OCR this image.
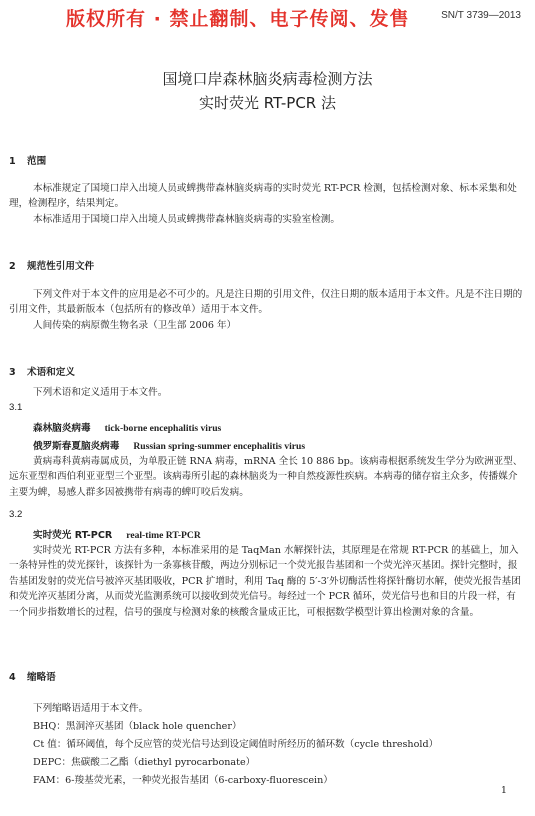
版权所有 · 禁止翻制、电子传阅、发售	SN/T 3739—2013
国境口岸森林脑炎病毒检测方法
实时荧光 RT-PCR 法
1 范围
本标准规定了国境口岸入出境人员或蜱携带森林脑炎病毒的实时荧光 RT-PCR 检测，包括检测对象、标本采集和处理，检测程序，结果判定。
本标准适用于国境口岸入出境人员或蜱携带森林脑炎病毒的实验室检测。
2 规范性引用文件
下列文件对于本文件的应用是必不可少的。凡是注日期的引用文件，仅注日期的版本适用于本文件。凡是不注日期的引用文件，其最新版本（包括所有的修改单）适用于本文件。
人间传染的病原微生物名录（卫生部 2006 年）
3 术语和定义
下列术语和定义适用于本文件。
3.1
森林脑炎病毒 tick-borne encephalitis virus
俄罗斯春夏脑炎病毒 Russian spring-summer encephalitis virus
黄病毒科黄病毒属成员，为单股正链 RNA 病毒，mRNA 全长 10 886 bp。该病毒根据系统发生学分为欧洲亚型、远东亚型和西伯利亚亚型三个亚型。该病毒所引起的森林脑炎为一种自然疫源性疾病。本病毒的储存宿主众多，传播媒介主要为蜱，易感人群多因被携带有病毒的蜱叮咬后发病。
3.2
实时荧光 RT-PCR real-time RT-PCR
实时荧光 RT-PCR 方法有多种，本标准采用的是 TaqMan 水解探针法，其原理是在常规 RT-PCR 的基础上，加入一条特异性的荧光探针，该探针为一条寡核苷酸，两边分别标记一个荧光报告基团和一个荧光淬灭基团。探针完整时，报告基团发射的荧光信号被淬灭基团吸收，PCR 扩增时，利用 Taq 酶的 5′-3′外切酶活性将探针酶切水解，使荧光报告基团和荧光淬灭基团分离，从而荧光监测系统可以接收到荧光信号。每经过一个 PCR 循环，荧光信号也和目的片段一样，有一个同步指数增长的过程，信号的强度与检测对象的核酸含量成正比，可根据数学模型计算出检测对象的含量。
4 缩略语
下列缩略语适用于本文件。
BHQ：黑洞淬灭基团（black hole quencher）
Ct 值：循环阈值，每个反应管的荧光信号达到设定阈值时所经历的循环数（cycle threshold）
DEPC：焦碳酸二乙酯（diethyl pyrocarbonate）
FAM：6-羧基荧光素，一种荧光报告基团（6-carboxy-fluorescein）
1
